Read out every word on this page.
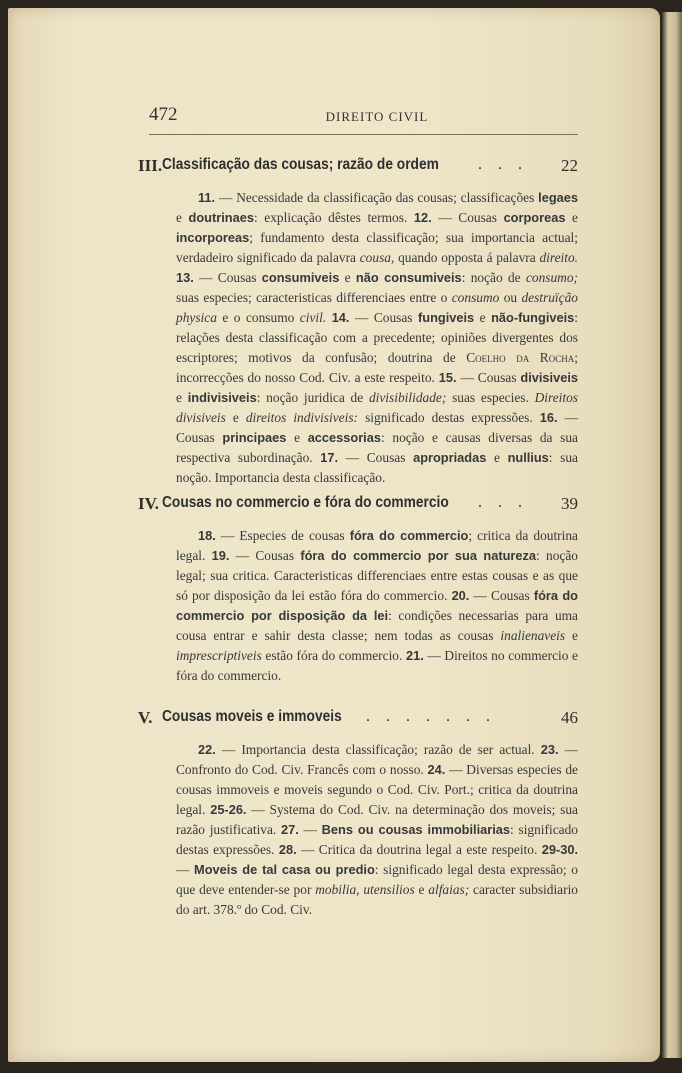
472	DIREITO CIVIL
III. Classificação das cousas; razão de ordem . . . 22

11. — Necessidade da classificação das cousas; classificações legaes e doutrinaes: explicação dêstes termos. 12. — Cousas corporeas e incorporeas; fundamento desta classificação; sua importancia actual; verdadeiro significado da palavra cousa, quando opposta á palavra direito. 13. — Cousas consumiveis e não consumiveis: noção de consumo; suas especies; caracteristicas differenciaes entre o consumo ou destruïção physica e o consumo civil. 14. — Cousas fungiveis e não-fungiveis: relações desta classificação com a precedente; opiniões divergentes dos escriptores; motivos da confusão; doutrina de Coelho da Rocha; incorrecções do nosso Cod. Civ. a este respeito. 15. — Cousas divisiveis e indivisiveis: noção juridica de divisibilidade; suas especies. Direitos divisiveis e direitos indivisiveis: significado destas expressões. 16. — Cousas principaes e accessorias: noção e causas diversas da sua respectiva subordinação. 17. — Cousas apropriadas e nullius: sua noção. Importancia desta classificação.

IV. Cousas no commercio e fóra do commercio . . . 39

18. — Especies de cousas fóra do commercio; critica da doutrina legal. 19. — Cousas fóra do commercio por sua natureza: noção legal; sua critica. Caracteristicas differenciaes entre estas cousas e as que só por disposição da lei estão fóra do commercio. 20. — Cousas fóra do commercio por disposição da lei: condições necessarias para uma cousa entrar e sahir desta classe; nem todas as cousas inalienaveis e imprescriptiveis estão fóra do commercio. 21. — Direitos no commercio e fóra do commercio.

V. Cousas moveis e immoveis . . . . . . .	46

22. — Importancia desta classificação; razão de ser actual. 23. — Confronto do Cod. Civ. Francês com o nosso. 24. — Diversas especies de cousas immoveis e moveis segundo o Cod. Civ. Port.; critica da doutrina legal. 25-26. — Systema do Cod. Civ. na determinação dos moveis; sua razão justificativa. 27. — Bens ou cousas immobiliarias: significado destas expressões. 28. — Critica da doutrina legal a este respeito. 29-30. — Moveis de tal casa ou predio: significado legal desta expressão; o que deve entender-se por mobilia, utensilios e alfaias; caracter subsidiario do art. 378.º do Cod. Civ.
